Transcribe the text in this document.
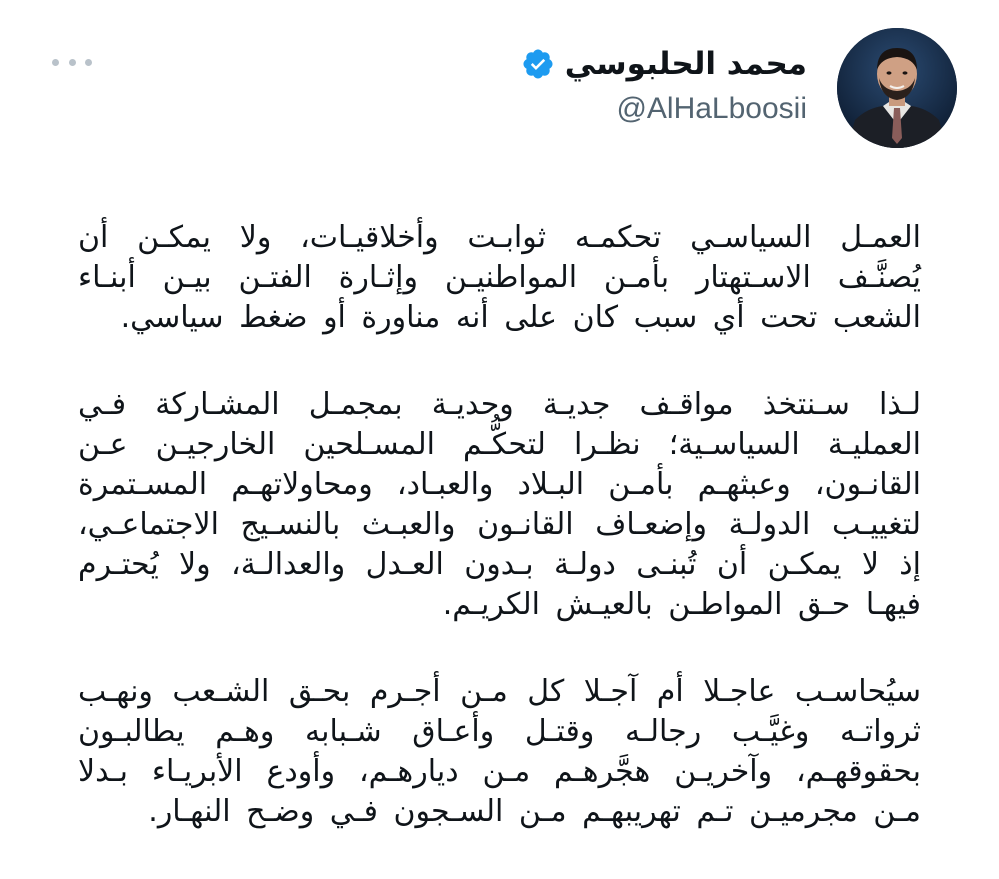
محمد الحلبوسي
@AlHaLboosii

العمـل السياسـي تحكمـه ثوابـت وأخلاقيـات، ولا يمكـن أن يُصنَّـف الاسـتهتار بأمـن المواطنيـن وإثـارة الفتـن بيـن أبنـاء الشعب تحت أي سبب كان على أنه مناورة أو ضغط سياسي.

لـذا سـنتخذ مواقـف جديـة وحديـة بمجمـل المشـاركة فـي العمليـة السياسـية؛ نظـرا لتحكُّـم المسـلحين الخارجيـن عـن القانـون، وعبثهـم بأمـن البـلاد والعبـاد، ومحاولاتهـم المسـتمرة لتغييـب الدولـة وإضعـاف القانـون والعبـث بالنسـيج الاجتماعـي، إذ لا يمكـن أن تُبنـى دولـة بـدون العـدل والعدالـة، ولا يُحتـرم فيهـا حـق المواطـن بالعيـش الكريـم.

سيُحاسـب عاجـلا أم آجـلا كل مـن أجـرم بحـق الشـعب ونهـب ثرواتـه وغيَّـب رجالـه وقتـل وأعـاق شـبابه وهـم يطالبـون بحقوقهـم، وآخريـن هجَّرهـم مـن ديارهـم، وأودع الأبريـاء بـدلا مـن مجرميـن تـم تهريبهـم مـن السـجون فـي وضـح النهـار.
